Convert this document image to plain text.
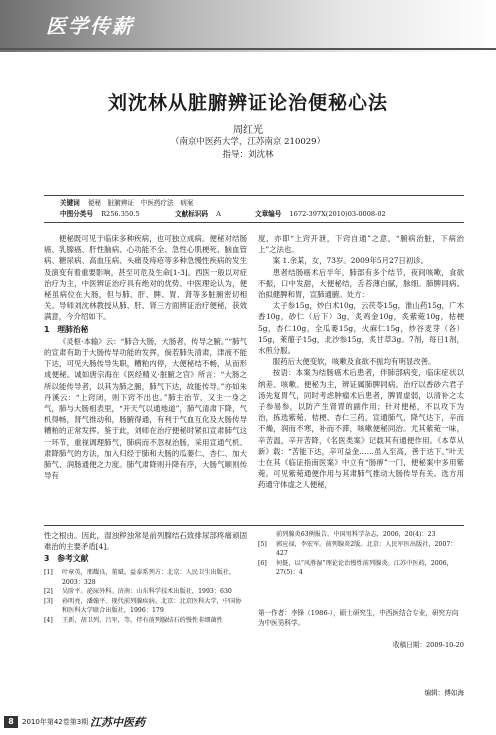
医学传薪
刘沈林从脏腑辨证论治便秘心法
周红光
（南京中医药大学，江苏南京 210029）
指导：刘沈林
关键词 便秘　脏腑辨证　中医药疗法　病案
中图分类号 R256.350.5	文献标识码 A	文章编号 1672-397X(2010)03-0008-02

便秘既可见于临床多种疾病，也可独立成病。便秘对结肠癌、乳腺癌、肝性脑病、心功能不全、急性心肌梗死、脑血管病、糖尿病、高血压病、头痛及痔疮等多种急慢性疾病的发生及演变有着重要影响，甚至可危及生命[1-3]。西医一般以对症治疗为主，中医辨证治疗具有绝对的优势。中医理论认为，便秘虽病位在大肠，但与肺、肝、脾、胃、肾等多脏腑密切相关。导师刘沈林教授从肺、肝、肾三方面辨证治疗便秘，获效满意，今介绍如下。

1　理肺治秘

《灵枢·本输》云：“肺合大肠，大肠者，传导之腑。”“肺气的宣肃有助于大肠传导功能的发挥，倘若肺失清肃，津液不能下达，可见大肠传导失职，糟粕内停，大便秘结不畅，从而形成便秘。诚如唐宗海在《医经精义·脏腑之官》所言：“大肠之所以能传导者，以其为肺之腑，肺气下达，故能传导。”亦如朱丹溪云：“上窍闭，则下窍不出也。”肺主治节，又主一身之气，肺与大肠相表里，“开天气以通地道”，肺气清肃下降，气机得畅，肾气推动和，肠腑得通，有利于气血互化及大肠传导糟粕的正常发挥。鉴于此，刘师在治疗便秘时紧扣宣肃肺气这一环节，重视调理肺气，肺病而不忽视治肠，采用宣通气机、肃降肺气的方法，加入归经于肺和大肠的瓜蒌仁、杏仁、加大肺气、润肠通便之力度。肺气肃降则升降有序，大肠气顺则传导有

度，亦即“上窍开泄，下窍自通”之意，“腑病治脏，下病治上”之法也。

案 1.余某，女，73岁。2009年5月27日初诊。

患者结肠癌术后半年，肺部有多个结节，夜间咳嗽，食欲不振，口中发甜，大便秘结，舌苔薄白腻，脉细。肺脾同病。治拟健脾和胃，宣肺通腑。处方：

太子参15g，炒白术10g，云茯苓15g，淮山药15g，广木香10g，砂仁（后下）3g，炙鸡金10g，炙紫菀10g，枯梗5g，杏仁10g，全瓜蒌15g，火麻仁15g，炒谷麦芽（各）15g，莱菔子15g，北沙参15g，炙甘草3g。7剂，每日1剂，水煎分服。

服药后大便变软，咳嗽及食欲不振均有明显改善。

按语：本案为结肠癌术后患者，伴肺部病变，临床症状以纳差、咳嗽、便秘为主，辨证属肺脾同病。治疗以香砂六君子汤先复胃气，同时考虑肿瘤术后患者，脾胃虚弱，以清补之太子参易参，以防产生肾胃的副作用；针对便秘，不以攻下为治，拣选紫菀、桔梗、杏仁三药，宣通肺气，降气达下，辛而不燥，润而不寒，补而不滞，咳嗽便秘同治。尤其紫菀一味，辛苦温，辛开苦降，《名医类案》记载其有通便作用。《本草从新》载：“苦能下达，辛可益金……虽入至高，善于达下。”叶天士在其《临证指南医案》中立有“肠痹”一门，便秘案中多用紫菀。可见紫菀通便作用与其肃肺气推动大肠传导有关。选方用药通守体虚之人便秘，

性之根由。因此，湿浊秽浊常是前列腺结石致排尿部疼痛顽固难治的主要矛盾[4]。

3　参考文献
[1]	叶章英，邢耀良，董斌。益泰系列方：北京：人民卫生出版社，2003：328
[2]	吴阶平。泌尿外科。济南：山东科学技术出版社，1993：630
[3]	孙明亮，潘翰平。现代前列腺疾病。北京：北京医科大学，中国协和医科大学联合出版社，1996：179
[4]	王新，胡卫列，吕军，等。伴有前列腺结石的慢性非细菌性
前列腺炎63例报告。中国男科学杂志，2006，20(4)：23
[5]	郭应禄，李宏军。前列腺炎2版。北京：人民军医出版社，2007：427
[6]	何挺，以“风胜湿”理论论治慢性前列腺炎。江苏中医药，2006，27(5)：4
第一作者：李锋（1986-），硕士研究生，中西医结合专业，研究方向为中医男科学。
收稿日期：2009-10-20
编辑：傅如海
8	2010年第42卷第3期 江苏中医药
